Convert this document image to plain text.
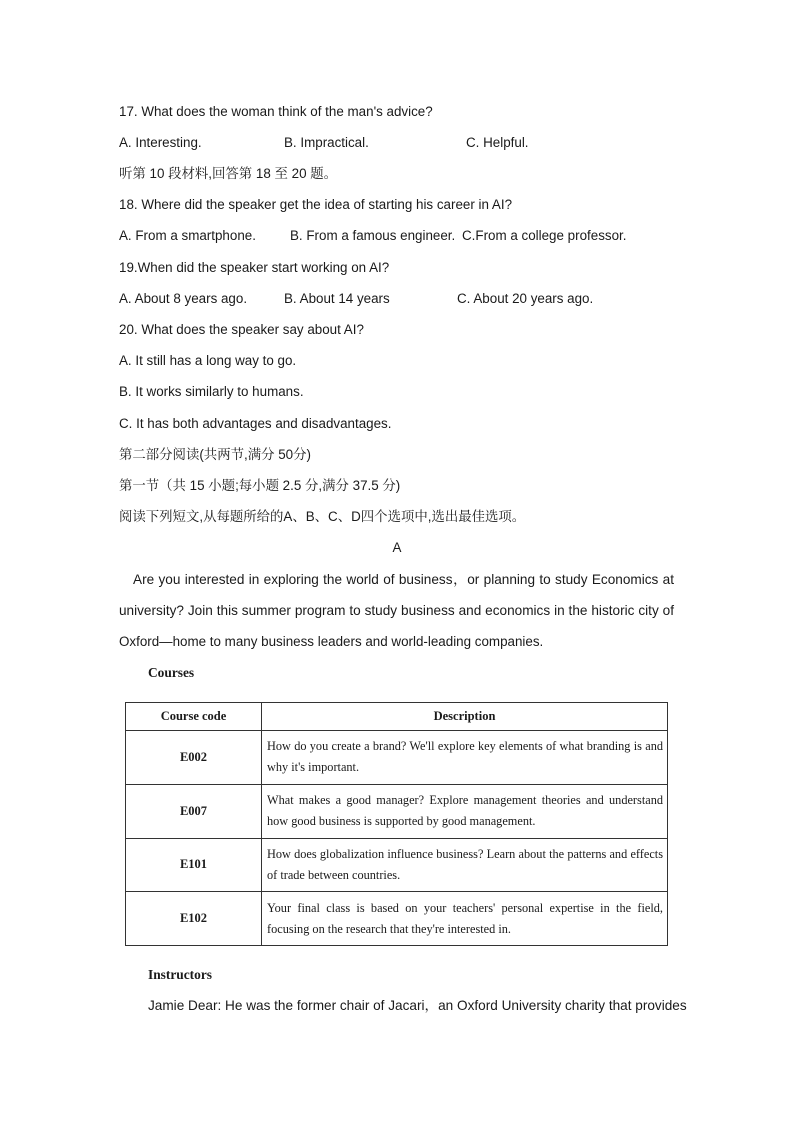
17. What does the woman think of the man's advice?
A. Interesting.	B. Impractical.	C. Helpful.
听第 10 段材料,回答第 18 至 20 题。
18. Where did the speaker get the idea of starting his career in AI?
A. From a smartphone.	B. From a famous engineer. C.From a college professor.
19.When did the speaker start working on AI?
A. About 8 years ago.	B. About 14 years	C. About 20 years ago.
20. What does the speaker say about AI?
A. It still has a long way to go.
B. It works similarly to humans.
C. It has both advantages and disadvantages.
第二部分阅读(共两节,满分 50分)
第一节（共 15 小题;每小题 2.5 分,满分 37.5 分)
阅读下列短文,从每题所给的A、B、C、D四个选项中,选出最佳选项。
A
Are you interested in exploring the world of business，or planning to study Economics at
university? Join this summer program to study business and economics in the historic city of
Oxford—home to many business leaders and world-leading companies.
Courses
Course code	Description
E002	How do you create a brand? We'll explore key elements of what branding is and why it's important.
E007	What makes a good manager? Explore management theories and understand how good business is supported by good management.
E101	How does globalization influence business? Learn about the patterns and effects of trade between countries.
E102	Your final class is based on your teachers' personal expertise in the field, focusing on the research that they're interested in.
Instructors
Jamie Dear: He was the former chair of Jacari，an Oxford University charity that provides
